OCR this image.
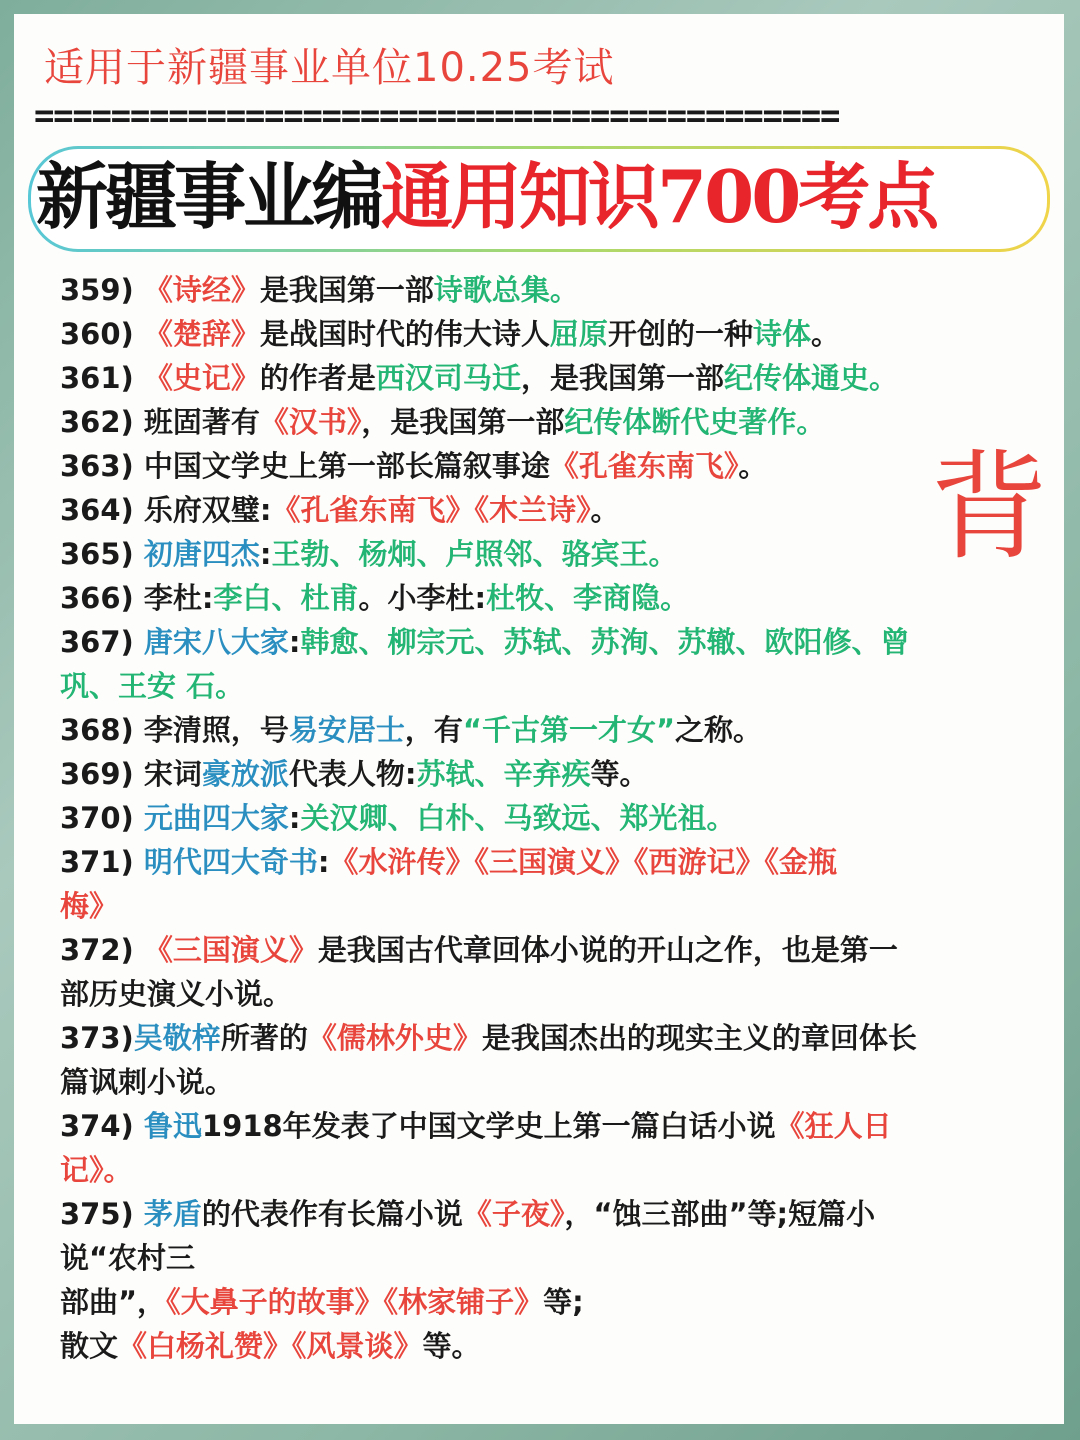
适用于新疆事业单位10.25考试
==========================================
新疆事业编通用知识700考点
背
359) 《诗经》是我国第一部诗歌总集。
360) 《楚辞》是战国时代的伟大诗人屈原开创的一种诗体。
361) 《史记》的作者是西汉司马迁，是我国第一部纪传体通史。
362) 班固著有《汉书》，是我国第一部纪传体断代史著作。
363) 中国文学史上第一部长篇叙事途《孔雀东南飞》。
364) 乐府双璧:《孔雀东南飞》《木兰诗》。
365) 初唐四杰:王勃、杨炯、卢照邻、骆宾王。
366) 李杜:李白、杜甫。小李杜:杜牧、李商隐。
367) 唐宋八大家:韩愈、柳宗元、苏轼、苏洵、苏辙、欧阳修、曾
巩、王安 石。
368) 李清照，号易安居士，有“千古第一才女”之称。
369) 宋词豪放派代表人物:苏轼、辛弃疾等。
370) 元曲四大家:关汉卿、白朴、马致远、郑光祖。
371) 明代四大奇书:《水浒传》《三国演义》《西游记》《金瓶
梅》
372) 《三国演义》是我国古代章回体小说的开山之作，也是第一
部历史演义小说。
373)吴敬梓所著的《儒林外史》是我国杰出的现实主义的章回体长
篇讽刺小说。
374) 鲁迅1918年发表了中国文学史上第一篇白话小说《狂人日
记》。
375) 茅盾的代表作有长篇小说《子夜》，“蚀三部曲”等;短篇小
说“农村三
部曲”，《大鼻子的故事》《林家铺子》等;
散文《白杨礼赞》《风景谈》等。
